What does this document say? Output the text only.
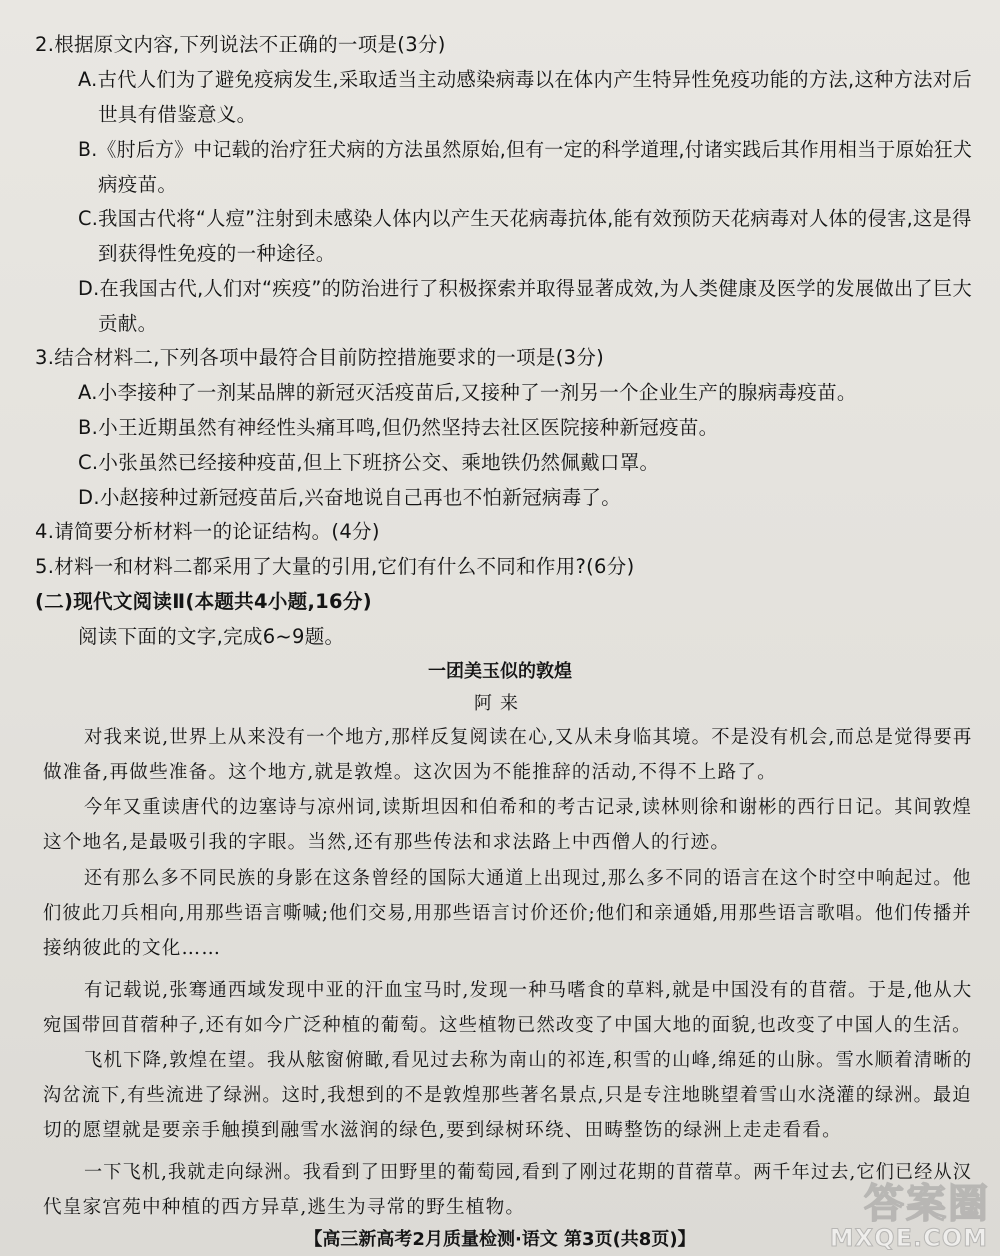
2.根据原文内容,下列说法不正确的一项是(3分)
A.古代人们为了避免疫病发生,采取适当主动感染病毒以在体内产生特异性免疫功能的方法,这种方法对后
世具有借鉴意义。
B.《肘后方》中记载的治疗狂犬病的方法虽然原始,但有一定的科学道理,付诸实践后其作用相当于原始狂犬
病疫苗。
C.我国古代将“人痘”注射到未感染人体内以产生天花病毒抗体,能有效预防天花病毒对人体的侵害,这是得
到获得性免疫的一种途径。
D.在我国古代,人们对“疾疫”的防治进行了积极探索并取得显著成效,为人类健康及医学的发展做出了巨大
贡献。
3.结合材料二,下列各项中最符合目前防控措施要求的一项是(3分)
A.小李接种了一剂某品牌的新冠灭活疫苗后,又接种了一剂另一个企业生产的腺病毒疫苗。
B.小王近期虽然有神经性头痛耳鸣,但仍然坚持去社区医院接种新冠疫苗。
C.小张虽然已经接种疫苗,但上下班挤公交、乘地铁仍然佩戴口罩。
D.小赵接种过新冠疫苗后,兴奋地说自己再也不怕新冠病毒了。
4.请简要分析材料一的论证结构。(4分)
5.材料一和材料二都采用了大量的引用,它们有什么不同和作用?(6分)
(二)现代文阅读Ⅱ(本题共4小题,16分)
阅读下面的文字,完成6~9题。
一团美玉似的敦煌
阿来
对我来说,世界上从来没有一个地方,那样反复阅读在心,又从未身临其境。不是没有机会,而总是觉得要再
做准备,再做些准备。这个地方,就是敦煌。这次因为不能推辞的活动,不得不上路了。
今年又重读唐代的边塞诗与凉州词,读斯坦因和伯希和的考古记录,读林则徐和谢彬的西行日记。其间敦煌
这个地名,是最吸引我的字眼。当然,还有那些传法和求法路上中西僧人的行迹。
还有那么多不同民族的身影在这条曾经的国际大通道上出现过,那么多不同的语言在这个时空中响起过。他
们彼此刀兵相向,用那些语言嘶喊;他们交易,用那些语言讨价还价;他们和亲通婚,用那些语言歌唱。他们传播并
接纳彼此的文化……
有记载说,张骞通西域发现中亚的汗血宝马时,发现一种马嗜食的草料,就是中国没有的苜蓿。于是,他从大
宛国带回苜蓿种子,还有如今广泛种植的葡萄。这些植物已然改变了中国大地的面貌,也改变了中国人的生活。
飞机下降,敦煌在望。我从舷窗俯瞰,看见过去称为南山的祁连,积雪的山峰,绵延的山脉。雪水顺着清晰的
沟岔流下,有些流进了绿洲。这时,我想到的不是敦煌那些著名景点,只是专注地眺望着雪山水浇灌的绿洲。最迫
切的愿望就是要亲手触摸到融雪水滋润的绿色,要到绿树环绕、田畴整饬的绿洲上走走看看。
一下飞机,我就走向绿洲。我看到了田野里的葡萄园,看到了刚过花期的苜蓿草。两千年过去,它们已经从汉
代皇家宫苑中种植的西方异草,逃生为寻常的野生植物。
【高三新高考2月质量检测·语文 第3页(共8页)】
答案圈
MXQE.COM
